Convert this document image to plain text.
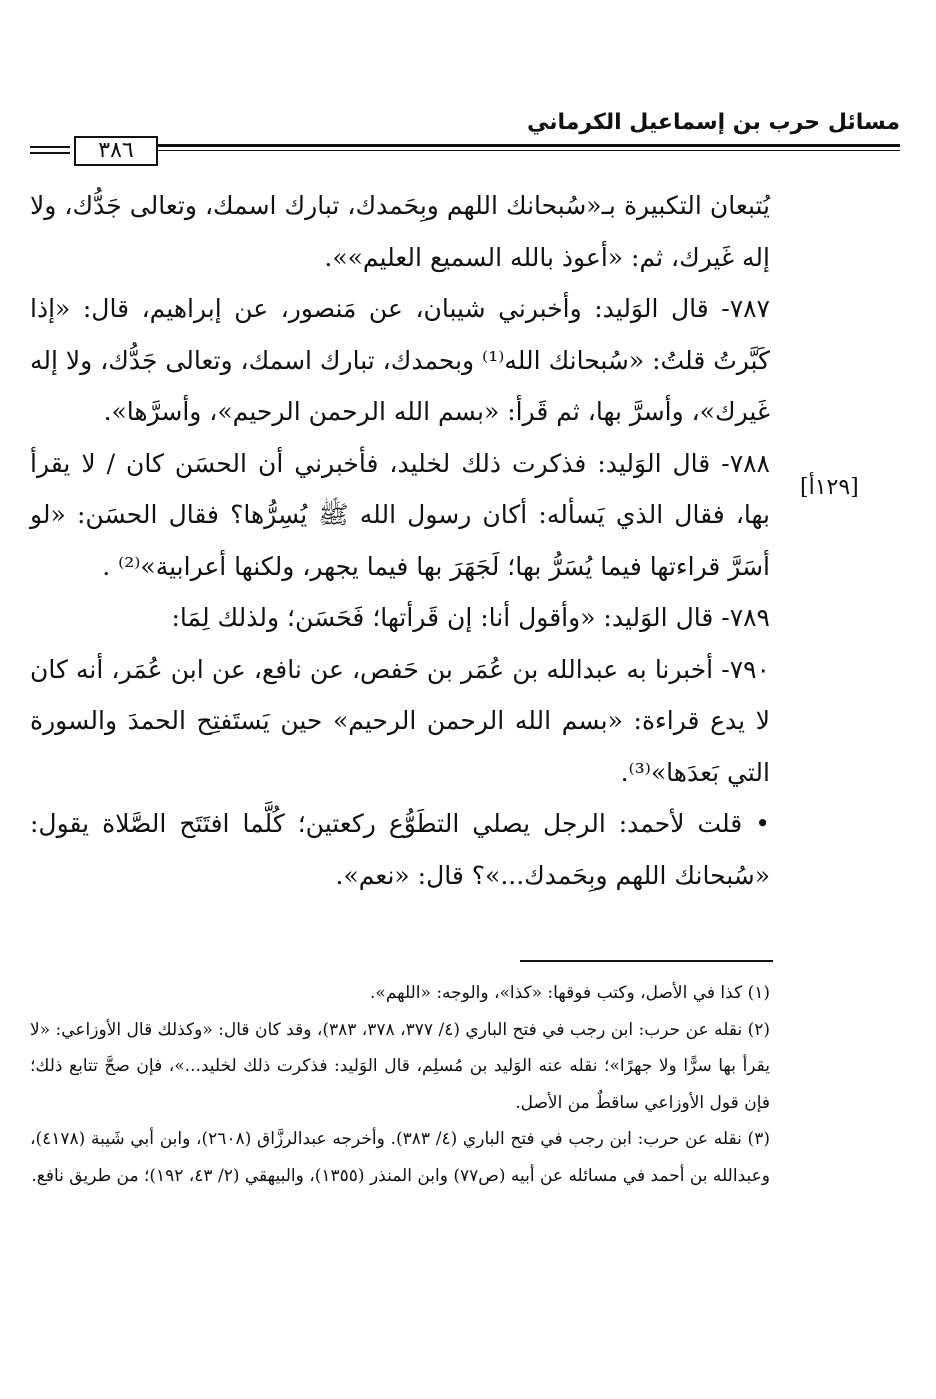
مسائل حرب بن إسماعيل الكرماني
٣٨٦
[١٢٩أ]

يُتبعان التكبيرة بـ«سُبحانك اللهم وبِحَمدك، تبارك اسمك، وتعالى جَدُّك، ولا إله غَيرك، ثم: «أعوذ بالله السميع العليم»».

٧٨٧- قال الوَليد: وأخبرني شيبان، عن مَنصور، عن إبراهيم، قال: «إذا كَبَّرتُ قلتُ: «سُبحانك الله⁽¹⁾ وبحمدك، تبارك اسمك، وتعالى جَدُّك، ولا إله غَيرك»، وأسرَّ بها، ثم قَرأ: «بسم الله الرحمن الرحيم»، وأسرَّها».

٧٨٨- قال الوَليد: فذكرت ذلك لخليد، فأخبرني أن الحسَن كان / لا يقرأ بها، فقال الذي يَسأله: أكان رسول الله ﷺ يُسِرُّها؟ فقال الحسَن: «لو أسَرَّ قراءتها فيما يُسَرُّ بها؛ لَجَهَرَ بها فيما يجهر، ولكنها أعرابية»⁽²⁾ .

٧٨٩- قال الوَليد: «وأقول أنا: إن قَرأتها؛ فَحَسَن؛ ولذلك لِمَا:

٧٩٠- أخبرنا به عبدالله بن عُمَر بن حَفص، عن نافع، عن ابن عُمَر، أنه كان لا يدع قراءة: «بسم الله الرحمن الرحيم» حين يَستَفتِح الحمدَ والسورة التي بَعدَها»⁽³⁾.

• قلت لأحمد: الرجل يصلي التطَوُّع ركعتين؛ كُلَّما افتَتَح الصَّلاة يقول: «سُبحانك اللهم وبِحَمدك...»؟ قال: «نعم».

(١) كذا في الأصل، وكتب فوقها: «كذا»، والوجه: «اللهم».

(٢) نقله عن حرب: ابن رجب في فتح الباري (٤/ ٣٧٧، ٣٧٨، ٣٨٣)، وقد كان قال: «وكذلك قال الأوزاعي: «لا يقرأ بها سرًّا ولا جهرًا»؛ نقله عنه الوَليد بن مُسلِم، قال الوَليد: فذكرت ذلك لخليد...»، فإن صحَّ تتابع ذلك؛ فإن قول الأوزاعي ساقطٌ من الأصل.

(٣) نقله عن حرب: ابن رجب في فتح الباري (٤/ ٣٨٣). وأخرجه عبدالرزَّاق (٢٦٠٨)، وابن أبي شَيبة (٤١٧٨)، وعبدالله بن أحمد في مسائله عن أبيه (ص٧٧) وابن المنذر (١٣٥٥)، والبيهقي (٢/ ٤٣، ١٩٢)؛ من طريق نافع.
